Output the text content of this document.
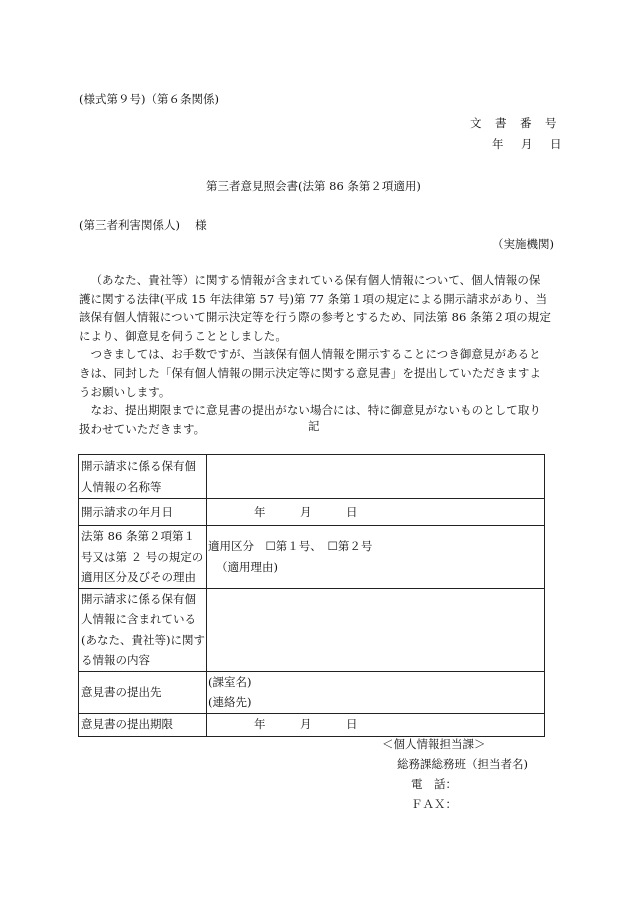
(様式第９号)（第６条関係)
文　書　番　号
年　月　日
第三者意見照会書(法第 86 条第２項適用)
(第三者利害関係人)　 様
（実施機関)

（あなた、貴社等）に関する情報が含まれている保有個人情報について、個人情報の保護に関する法律(平成 15 年法律第 57 号)第 77 条第１項の規定による開示請求があり、当該保有個人情報について開示決定等を行う際の参考とするため、同法第 86 条第２項の規定により、御意見を伺うこととしました。

つきましては、お手数ですが、当該保有個人情報を開示することにつき御意見があるときは、同封した「保有個人情報の開示決定等に関する意見書」を提出していただきますようお願いします。

なお、提出期限までに意見書の提出がない場合には、特に御意見がないものとして取り扱わせていただきます。	記
開示請求に係る保有個人情報の名称等	
開示請求の年月日	年　　　月　　　日
法第 86 条第２項第１号又は第 ２ 号の規定の適用区分及びその理由	適用区分　☐第１号、　☐第２号
（適用理由)

開示請求に係る保有個人情報に含まれている(あなた、貴社等)に関する情報の内容	
意見書の提出先	(課室名)
(連絡先)

意見書の提出期限	年　　　月　　　日
＜個人情報担当課＞
総務課総務班（担当者名)
電　話：
ＦＡＸ：
